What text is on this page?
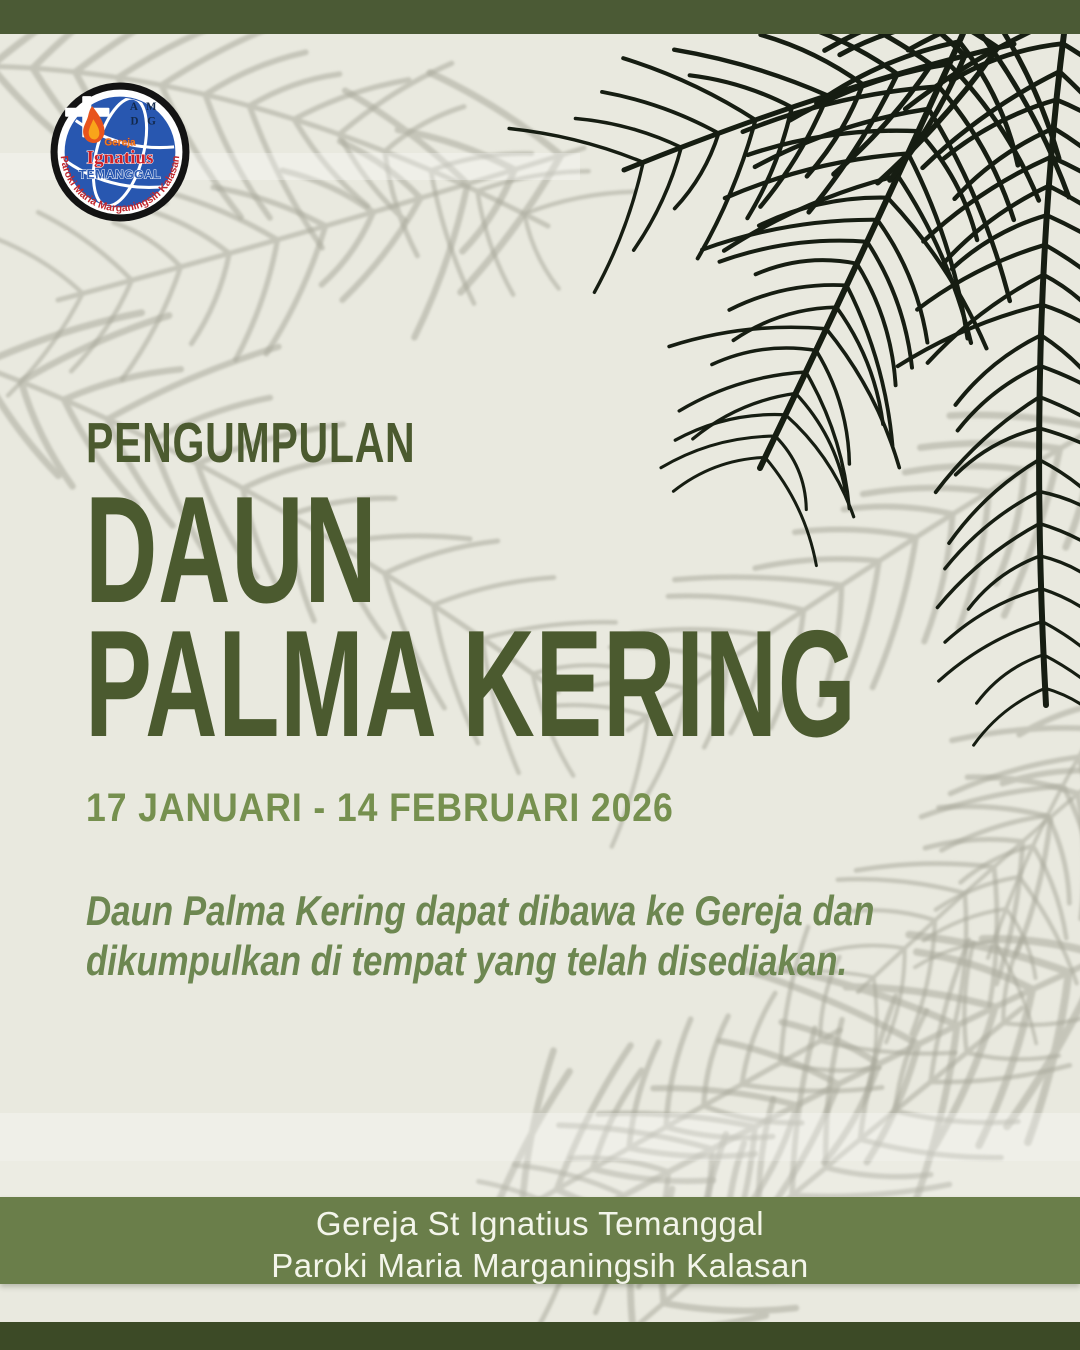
A M
D G
Gereja
Ignatius
TEMANGGAL
Paroki Maria Marganingsih Kalasan
PENGUMPULAN
DAUN
PALMA KERING

17 JANUARI - 14 FEBRUARI 2026

Daun Palma Kering dapat dibawa ke Gereja dan dikumpulkan di tempat yang telah disediakan.

Gereja St Ignatius Temanggal
Paroki Maria Marganingsih Kalasan
